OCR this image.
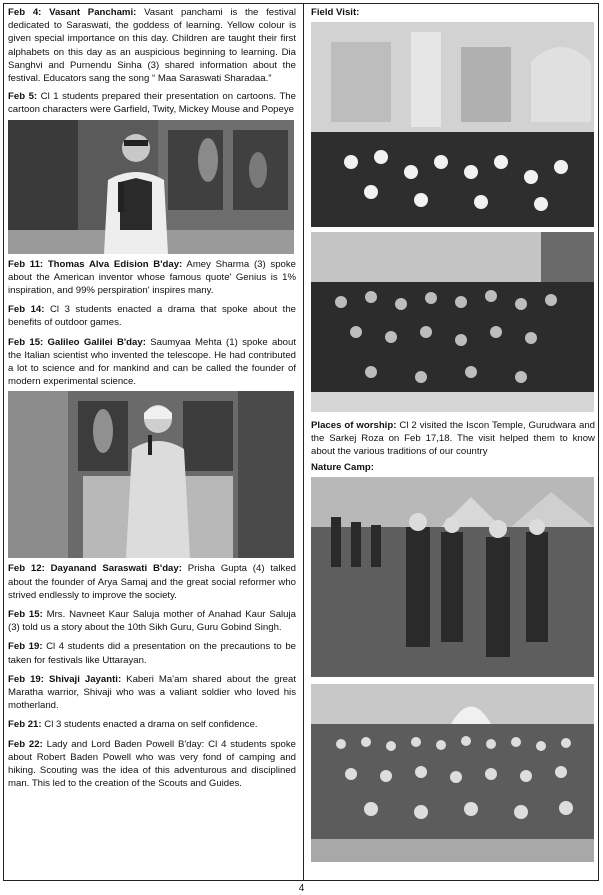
Feb 4: Vasant Panchami: Vasant panchami is the festival dedicated to Saraswati, the goddess of learning. Yellow colour is given special importance on this day. Children are taught their first alphabets on this day as an auspicious beginning to learning. Dia Sanghvi and Purnendu Sinha (3) shared information about the festival. Educators sang the song “ Maa Saraswati Sharadaa.”

Feb 5: Cl 1 students prepared their presentation on cartoons. The cartoon characters were Garfield, Twity, Mickey Mouse and Popeye

Feb 11: Thomas Alva Edision B'day: Amey Sharma (3) spoke about the American inventor whose famous quote' Genius is 1% inspiration, and 99% perspiration' inspires many.

Feb 14: Cl 3 students enacted a drama that spoke about the benefits of outdoor games.

Feb 15: Galileo Galilei B'day: Saumyaa Mehta (1) spoke about the Italian scientist who invented the telescope. He had contributed a lot to science and for mankind and can be called the founder of modern experimental science.

Feb 12: Dayanand Saraswati B'day: Prisha Gupta (4) talked about the founder of Arya Samaj and the great social reformer who strived endlessly to improve the society.

Feb 15: Mrs. Navneet Kaur Saluja mother of Anahad Kaur Saluja (3) told us a story about the 10th Sikh Guru, Guru Gobind Singh.

Feb 19: Cl 4 students did a presentation on the precautions to be taken for festivals like Uttarayan.

Feb 19: Shivaji Jayanti: Kaberi Ma'am shared about the great Maratha warrior, Shivaji who was a valiant soldier who loved his motherland.

Feb 21: Cl 3 students enacted a drama on self confidence.

Feb 22: Lady and Lord Baden Powell B'day: Cl 4 students spoke about Robert Baden Powell who was very fond of camping and hiking. Scouting was the idea of this adventurous and disciplined man. This led to the creation of the Scouts and Guides.

Field Visit:

Places of worship: Cl 2 visited the Iscon Temple, Gurudwara and the Sarkej Roza on Feb 17,18. The visit helped them to know about the various traditions of our country

Nature Camp:
4
